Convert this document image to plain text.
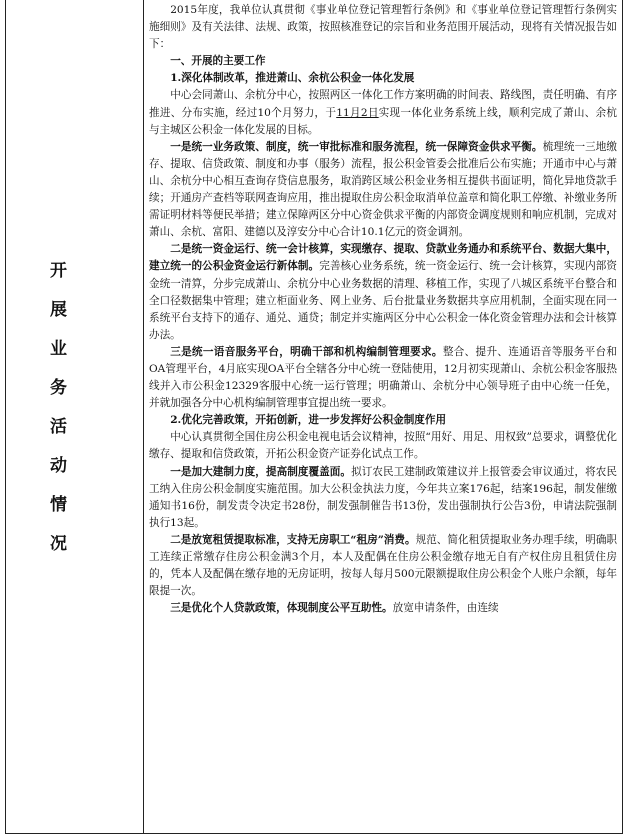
开展业务活动情况

2015年度，我单位认真贯彻《事业单位登记管理暂行条例》和《事业单位登记管理暂行条例实施细则》及有关法律、法规、政策，按照核准登记的宗旨和业务范围开展活动，现将有关情况报告如下：

一、开展的主要工作

1.深化体制改革，推进萧山、余杭公积金一体化发展

中心会同萧山、余杭分中心，按照两区一体化工作方案明确的时间表、路线图，责任明确、有序推进、分布实施，经过10个月努力，于11月2日实现一体化业务系统上线，顺利完成了萧山、余杭与主城区公积金一体化发展的目标。

一是统一业务政策、制度，统一审批标准和服务流程，统一保障资金供求平衡。梳理统一三地缴存、提取、信贷政策、制度和办事（服务）流程，报公积金管委会批准后公布实施；开通市中心与萧山、余杭分中心相互查询存贷信息服务，取消跨区域公积金业务相互提供书面证明，简化异地贷款手续；开通房产查档等联网查询应用，推出提取住房公积金取消单位盖章和简化职工停缴、补缴业务所需证明材料等便民举措；建立保障两区分中心资金供求平衡的内部资金调度规则和响应机制，完成对萧山、余杭、富阳、建德以及淳安分中心合计10.1亿元的资金调剂。

二是统一资金运行、统一会计核算，实现缴存、提取、贷款业务通办和系统平台、数据大集中，建立统一的公积金资金运行新体制。完善核心业务系统，统一资金运行、统一会计核算，实现内部资金统一清算，分步完成萧山、余杭分中心业务数据的清理、移植工作，实现了八城区系统平台整合和全口径数据集中管理；建立柜面业务、网上业务、后台批量业务数据共享应用机制，全面实现在同一系统平台支持下的通存、通兑、通贷；制定并实施两区分中心公积金一体化资金管理办法和会计核算办法。

三是统一语音服务平台，明确干部和机构编制管理要求。整合、提升、连通语音等服务平台和OA管理平台，4月底实现OA平台全辖各分中心统一登陆使用，12月初实现萧山、余杭公积金客服热线并入市公积金12329客服中心统一运行管理；明确萧山、余杭分中心领导班子由中心统一任免，并就加强各分中心机构编制管理事宜提出统一要求。

2.优化完善政策，开拓创新，进一步发挥好公积金制度作用

中心认真贯彻全国住房公积金电视电话会议精神，按照“用好、用足、用权致”总要求，调整优化缴存、提取和信贷政策，开拓公积金资产证券化试点工作。

一是加大建制力度，提高制度覆盖面。拟订农民工建制政策建议并上报管委会审议通过，将农民工纳入住房公积金制度实施范围。加大公积金执法力度，今年共立案176起，结案196起，制发催缴通知书16份，制发责令决定书28份，制发强制催告书13份，发出强制执行公告3份，申请法院强制执行13起。

二是放宽租赁提取标准，支持无房职工“租房”消费。规范、简化租赁提取业务办理手续，明确职工连续正常缴存住房公积金满3个月，本人及配偶在住房公积金缴存地无自有产权住房且租赁住房的，凭本人及配偶在缴存地的无房证明，按每人每月500元限额提取住房公积金个人账户余额，每年限提一次。

三是优化个人贷款政策，体现制度公平互助性。放宽申请条件，由连续
